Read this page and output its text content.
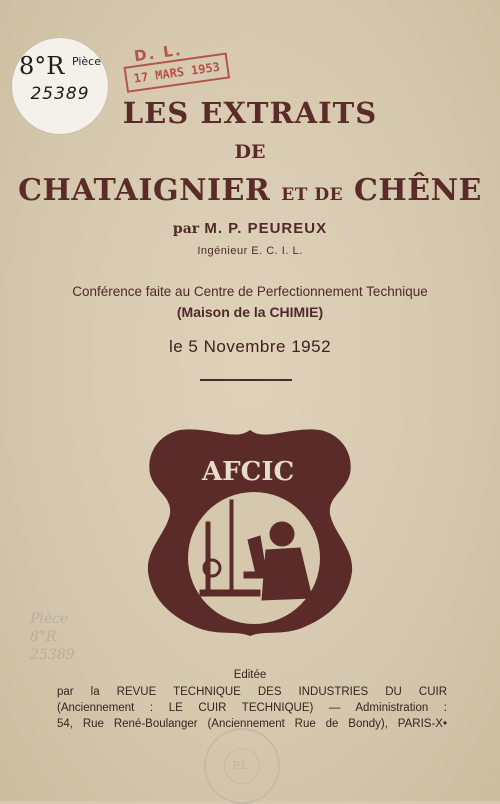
8°R $^{Pièce}$
25389
D. L.
17 MARS 1953
LES EXTRAITS
DE
CHATAIGNIER ET DE CHÊNE
par M. P. PEUREUX
Ingénieur E. C. I. L.
Conférence faite au Centre de Perfectionnement Technique
(Maison de la CHIMIE)
le 5 Novembre 1952
AFCIC
Pièce
8°R
25389
Editée
par la REVUE TECHNIQUE DES INDUSTRIES DU CUIR
(Anciennement : LE CUIR TECHNIQUE) — Administration :
54, Rue René-Boulanger (Anciennement Rue de Bondy), PARIS-X•
P.L.
